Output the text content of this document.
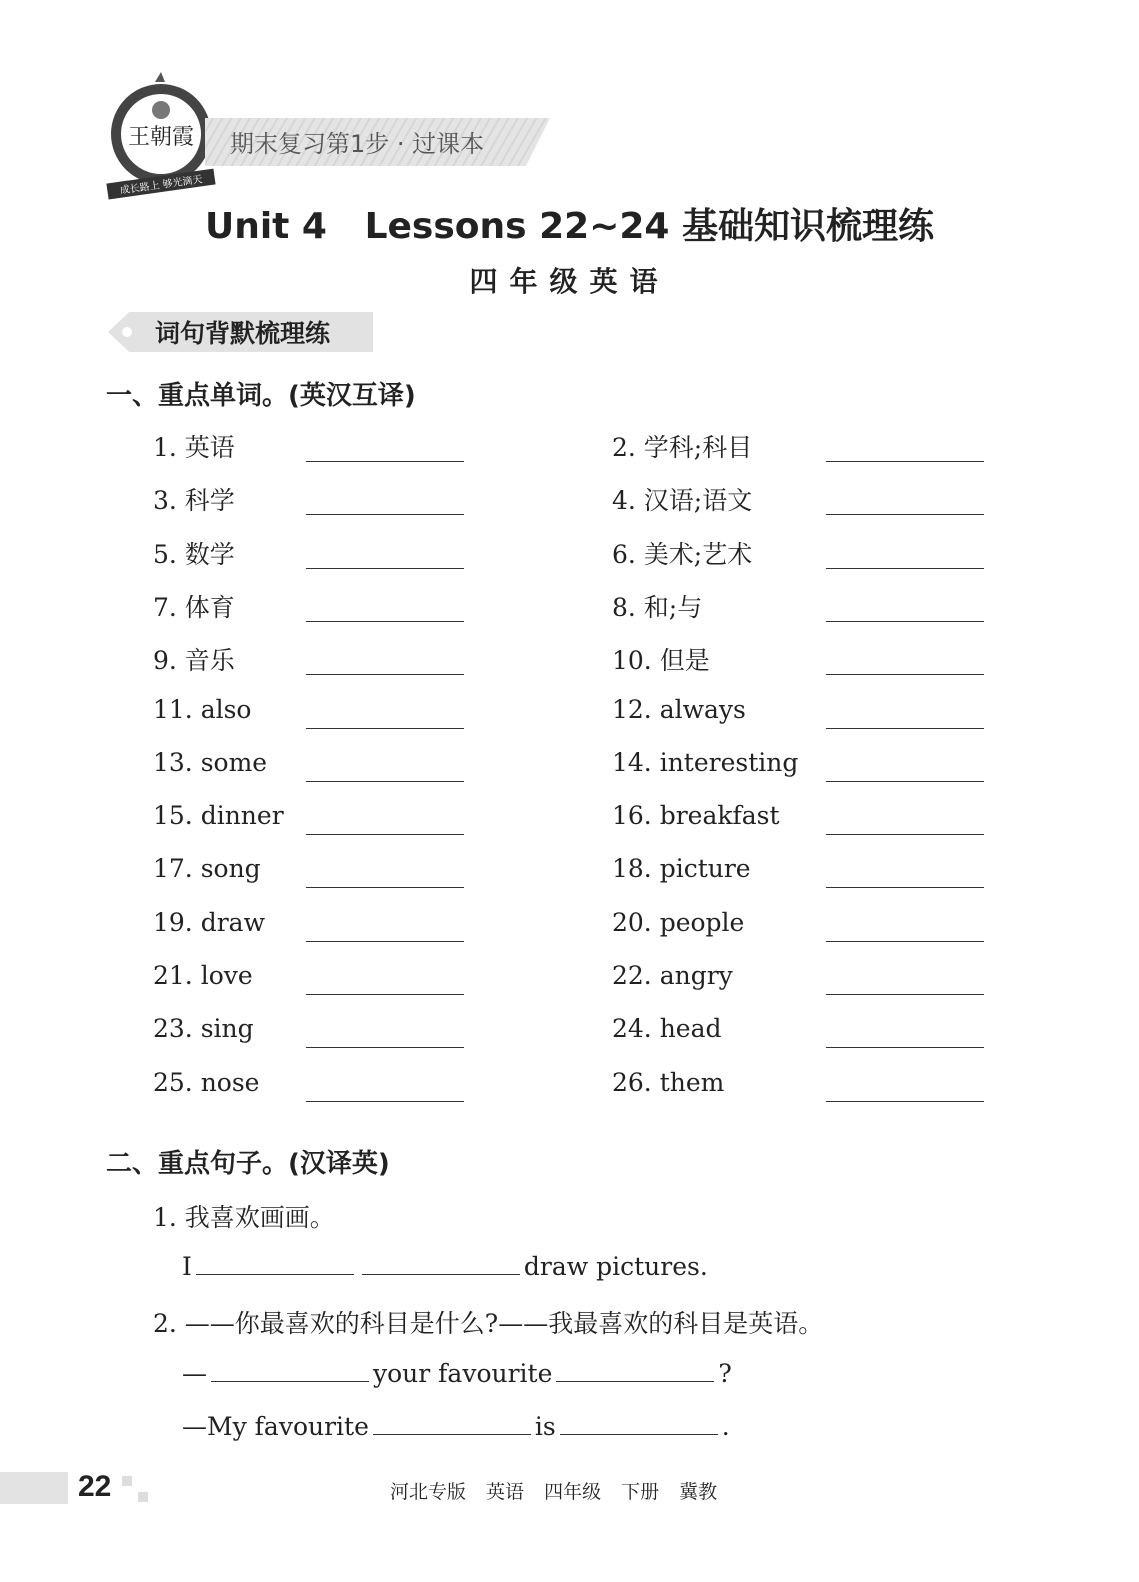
王朝霞
成长路上 够光滴天
期末复习第1步 · 过课本
Unit 4   Lessons 22~24 基础知识梳理练
四年级英语
词句背默梳理练
一、重点单词。(英汉互译)
1. 英语	2. 学科;科目
3. 科学	4. 汉语;语文
5. 数学	6. 美术;艺术
7. 体育	8. 和;与
9. 音乐	10. 但是
11. also	12. always
13. some	14. interesting
15. dinner	16. breakfast
17. song	18. picture
19. draw	20. people
21. love	22. angry
23. sing	24. head
25. nose	26. them
二、重点句子。(汉译英)
1. 我喜欢画画。
I	draw pictures.
2. ——你最喜欢的科目是什么?——我最喜欢的科目是英语。
—	your favourite	?
—My favourite	is	.
22	河北专版 英语 四年级 下册 冀教
